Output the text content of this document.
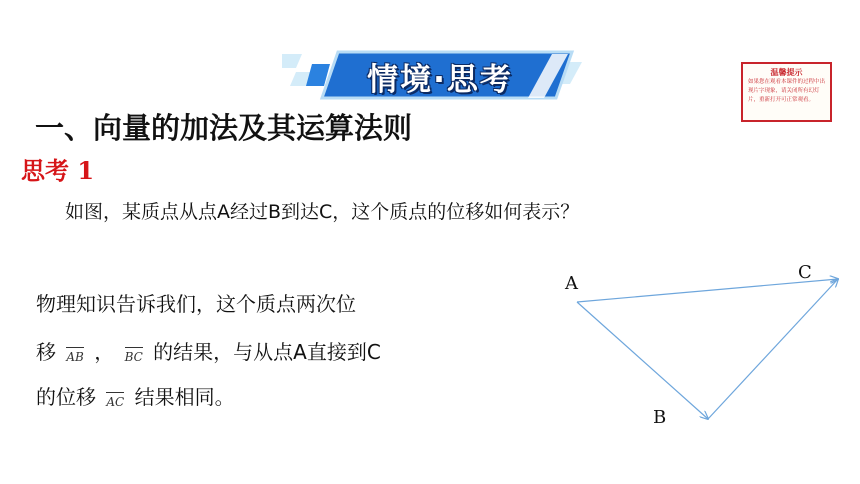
情境·思考	温馨提示
如果您在观看本课件的过程中出现片字现象，请关闭所有幻灯片，重新打开可正常观看。
一、向量的加法及其运算法则
思考 1
如图，某质点从点A经过B到达C，这个质点的位移如何表示？
物理知识告诉我们，这个质点两次位
移 AB ， BC 的结果，与从点A直接到C
的位移 AC 结果相同。
A
B
C
